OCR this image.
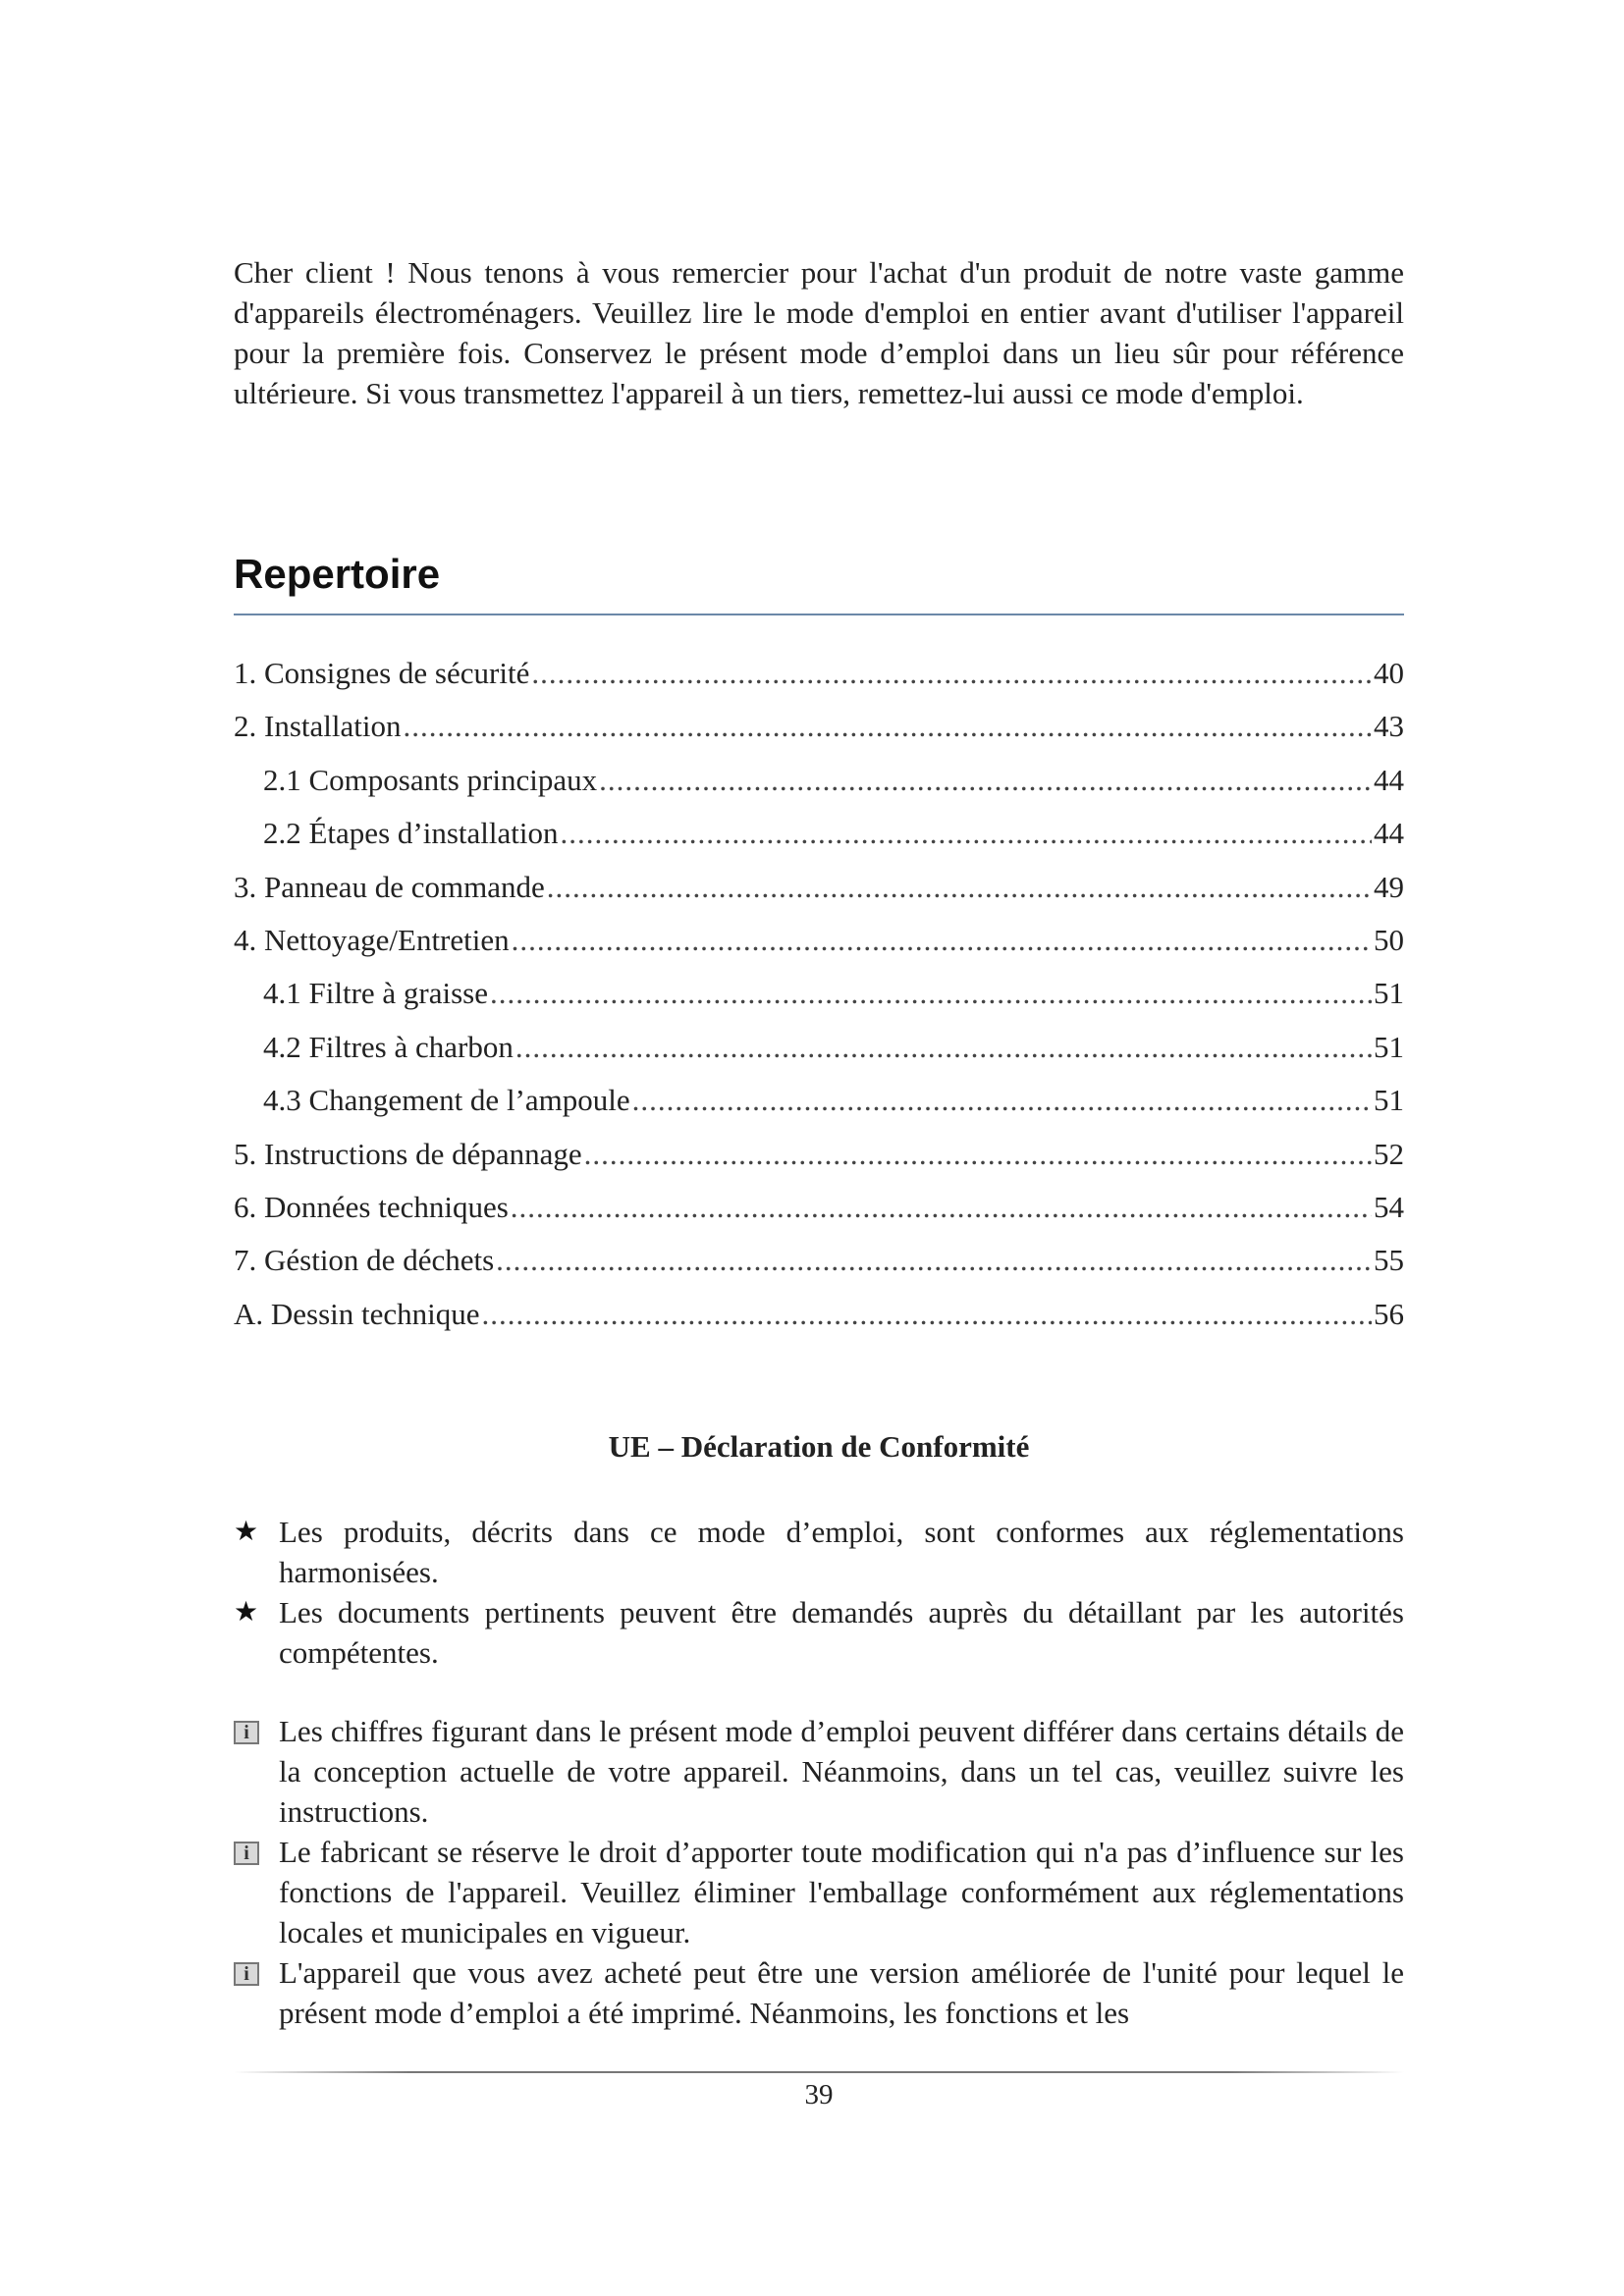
Cher client ! Nous tenons à vous remercier pour l'achat d'un produit de notre vaste gamme d'appareils électroménagers. Veuillez lire le mode d'emploi en entier avant d'utiliser l'appareil pour la première fois. Conservez le présent mode d’emploi dans un lieu sûr pour référence ultérieure. Si vous transmettez l'appareil à un tiers, remettez-lui aussi ce mode d'emploi.

Repertoire
1. Consignes de sécurité .....	40
2. Installation .....	43
2.1 Composants principaux .....	44
2.2 Étapes d’installation .....	44
3. Panneau de commande .....	49
4. Nettoyage/Entretien .....	50
4.1 Filtre à graisse .....	51
4.2 Filtres à charbon .....	51
4.3 Changement de l’ampoule .....	51
5. Instructions de dépannage .....	52
6. Données techniques .....	54
7. Géstion de déchets .....	55
A. Dessin technique .....	56
UE – Déclaration de Conformité
★ Les produits, décrits dans ce mode d’emploi, sont conformes aux réglementations harmonisées.
★ Les documents pertinents peuvent être demandés auprès du détaillant par les autorités compétentes.
i Les chiffres figurant dans le présent mode d’emploi peuvent différer dans certains détails de la conception actuelle de votre appareil. Néanmoins, dans un tel cas, veuillez suivre les instructions.
i Le fabricant se réserve le droit d’apporter toute modification qui n'a pas d’influence sur les fonctions de l'appareil. Veuillez éliminer l'emballage conformément aux réglementations locales et municipales en vigueur.
i L'appareil que vous avez acheté peut être une version améliorée de l'unité pour lequel le présent mode d’emploi a été imprimé. Néanmoins, les fonctions et les

39
